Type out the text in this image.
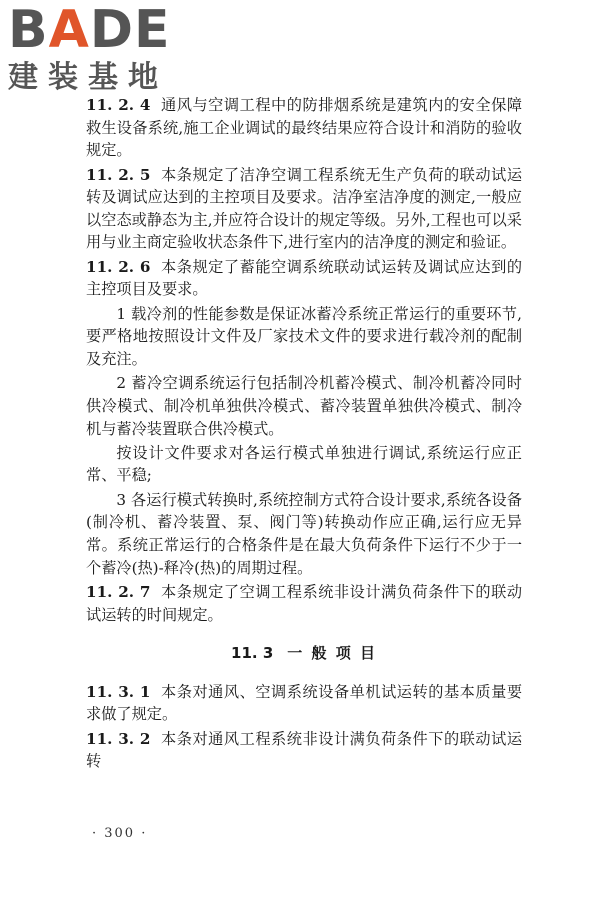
B A DE
建装基地

11. 2. 4 通风与空调工程中的防排烟系统是建筑内的安全保障救生设备系统,施工企业调试的最终结果应符合设计和消防的验收规定。

11. 2. 5 本条规定了洁净空调工程系统无生产负荷的联动试运转及调试应达到的主控项目及要求。洁净室洁净度的测定,一般应以空态或静态为主,并应符合设计的规定等级。另外,工程也可以采用与业主商定验收状态条件下,进行室内的洁净度的测定和验证。

11. 2. 6 本条规定了蓄能空调系统联动试运转及调试应达到的主控项目及要求。

1 载冷剂的性能参数是保证冰蓄冷系统正常运行的重要环节,要严格地按照设计文件及厂家技术文件的要求进行载冷剂的配制及充注。

2 蓄冷空调系统运行包括制冷机蓄冷模式、制冷机蓄冷同时供冷模式、制冷机单独供冷模式、蓄冷装置单独供冷模式、制冷机与蓄冷装置联合供冷模式。

按设计文件要求对各运行模式单独进行调试,系统运行应正常、平稳;

3 各运行模式转换时,系统控制方式符合设计要求,系统各设备(制冷机、蓄冷装置、泵、阀门等)转换动作应正确,运行应无异常。系统正常运行的合格条件是在最大负荷条件下运行不少于一个蓄冷(热)-释冷(热)的周期过程。

11. 2. 7 本条规定了空调工程系统非设计满负荷条件下的联动试运转的时间规定。

11. 3 一 般 项 目

11. 3. 1 本条对通风、空调系统设备单机试运转的基本质量要求做了规定。

11. 3. 2 本条对通风工程系统非设计满负荷条件下的联动试运转

· 300 ·
